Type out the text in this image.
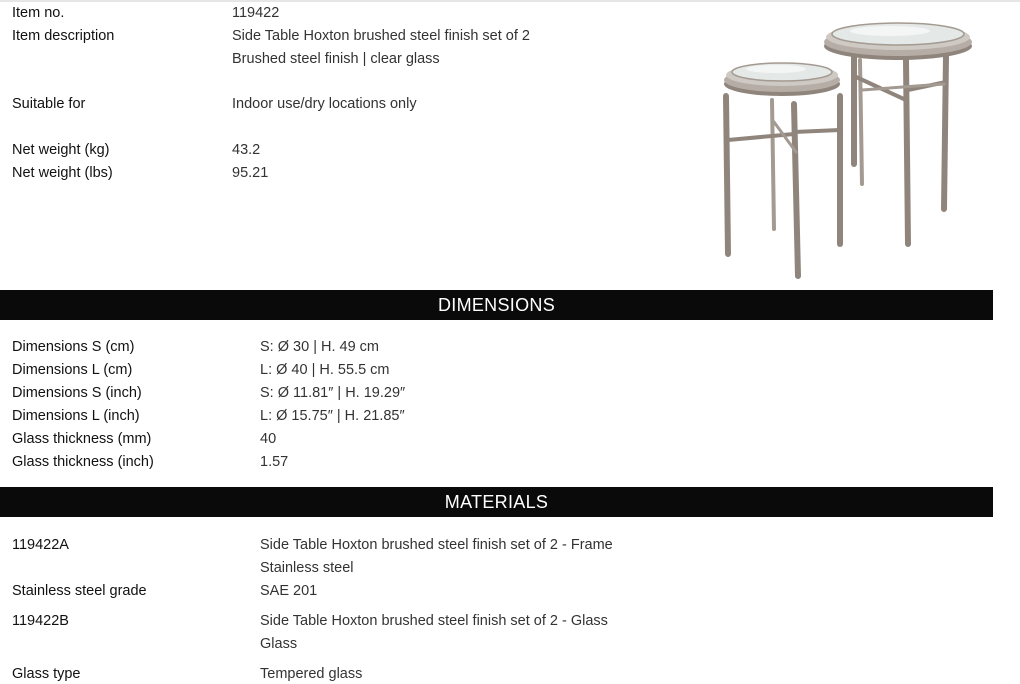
Item no.	119422
Item description	Side Table Hoxton brushed steel finish set of 2
Brushed steel finish | clear glass
Suitable for	Indoor use/dry locations only
Net weight (kg)	43.2
Net weight (lbs)	95.21
DIMENSIONS
Dimensions S (cm)	S: Ø 30 | H. 49 cm
Dimensions L (cm)	L: Ø 40 | H. 55.5 cm
Dimensions S (inch)	S: Ø 11.81″ | H. 19.29″
Dimensions L (inch)	L: Ø 15.75″ | H. 21.85″
Glass thickness (mm)	40
Glass thickness (inch)	1.57
MATERIALS
119422A	Side Table Hoxton brushed steel finish set of 2 - Frame
Stainless steel
Stainless steel grade	SAE 201
119422B	Side Table Hoxton brushed steel finish set of 2 - Glass
Glass
Glass type	Tempered glass
